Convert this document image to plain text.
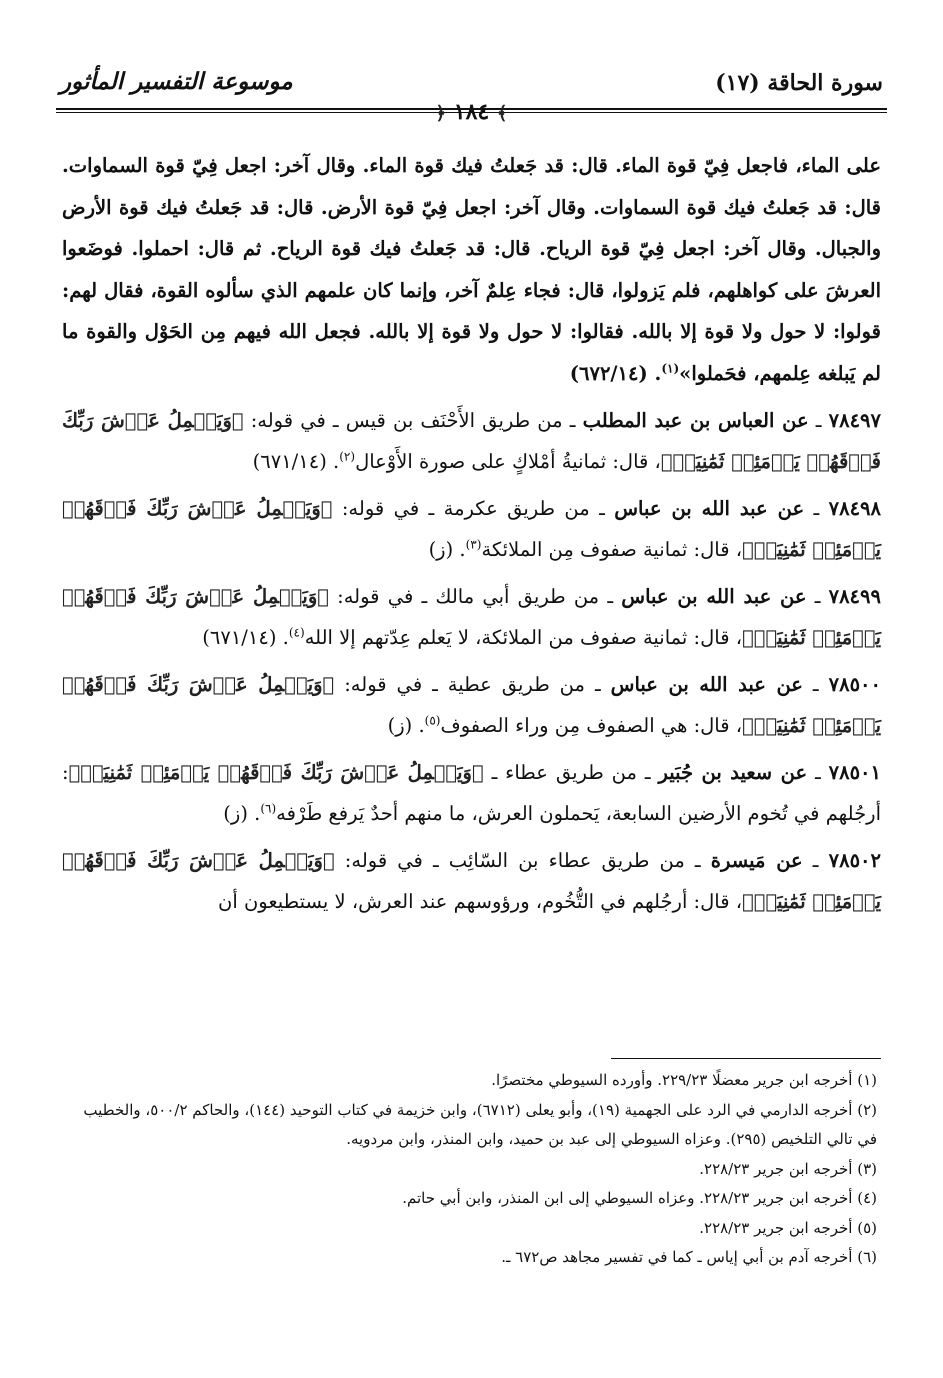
سورة الحاقة (١٧)
موسوعة التفسير المأثور
﴾ ١٨٤ ﴿

على الماء، فاجعل فِيّ قوة الماء. قال: قد جَعلتُ فيك قوة الماء. وقال آخر: اجعل فِيّ قوة السماوات. قال: قد جَعلتُ فيك قوة السماوات. وقال آخر: اجعل فِيّ قوة الأرض. قال: قد جَعلتُ فيك قوة الأرض والجبال. وقال آخر: اجعل فِيّ قوة الرياح. قال: قد جَعلتُ فيك قوة الرياح. ثم قال: احملوا. فوضَعوا العرشَ على كواهلهم، فلم يَزولوا، قال: فجاء عِلمٌ آخر، وإنما كان علمهم الذي سألوه القوة، فقال لهم: قولوا: لا حول ولا قوة إلا بالله. فقالوا: لا حول ولا قوة إلا بالله. فجعل الله فيهم مِن الحَوْل والقوة ما لم يَبلغه عِلمهم، فحَملوا»$^{(١)}$. (٦٧٢/١٤)

٧٨٤٩٧ ـ عن العباس بن عبد المطلب ـ من طريق الأَحْنَف بن قيس ـ في قوله: ﴿وَيَحۡمِلُ عَرۡشَ رَبِّكَ فَوۡقَهُمۡ يَوۡمَئِذٖ ثَمَٰنِيَةٞ﴾، قال: ثمانيةُ أمْلاكٍ على صورة الأَوْعال$^{(٢)}$. (٦٧١/١٤)

٧٨٤٩٨ ـ عن عبد الله بن عباس ـ من طريق عكرمة ـ في قوله: ﴿وَيَحۡمِلُ عَرۡشَ رَبِّكَ فَوۡقَهُمۡ يَوۡمَئِذٖ ثَمَٰنِيَةٞ﴾، قال: ثمانية صفوف مِن الملائكة$^{(٣)}$. (ز)

٧٨٤٩٩ ـ عن عبد الله بن عباس ـ من طريق أبي مالك ـ في قوله: ﴿وَيَحۡمِلُ عَرۡشَ رَبِّكَ فَوۡقَهُمۡ يَوۡمَئِذٖ ثَمَٰنِيَةٞ﴾، قال: ثمانية صفوف من الملائكة، لا يَعلم عِدّتهم إلا الله$^{(٤)}$. (٦٧١/١٤)

٧٨٥٠٠ ـ عن عبد الله بن عباس ـ من طريق عطية ـ في قوله: ﴿وَيَحۡمِلُ عَرۡشَ رَبِّكَ فَوۡقَهُمۡ يَوۡمَئِذٖ ثَمَٰنِيَةٞ﴾، قال: هي الصفوف مِن وراء الصفوف$^{(٥)}$. (ز)

٧٨٥٠١ ـ عن سعيد بن جُبَير ـ من طريق عطاء ـ ﴿وَيَحۡمِلُ عَرۡشَ رَبِّكَ فَوۡقَهُمۡ يَوۡمَئِذٖ ثَمَٰنِيَةٞ﴾: أرجُلهم في تُخوم الأرضين السابعة، يَحملون العرش، ما منهم أحدٌ يَرفع طَرْفه$^{(٦)}$. (ز)

٧٨٥٠٢ ـ عن مَيسرة ـ من طريق عطاء بن السّائِب ـ في قوله: ﴿وَيَحۡمِلُ عَرۡشَ رَبِّكَ فَوۡقَهُمۡ يَوۡمَئِذٖ ثَمَٰنِيَةٞ﴾، قال: أرجُلهم في التُّخُوم، ورؤوسهم عند العرش، لا يستطيعون أن

(١) أخرجه ابن جرير معضلًا ٢٢٩/٢٣. وأورده السيوطي مختصرًا.

(٢) أخرجه الدارمي في الرد على الجهمية (١٩)، وأبو يعلى (٦٧١٢)، وابن خزيمة في كتاب التوحيد (١٤٤)، والحاكم ٥٠٠/٢، والخطيب في تالي التلخيص (٢٩٥). وعزاه السيوطي إلى عبد بن حميد، وابن المنذر، وابن مردويه.

(٣) أخرجه ابن جرير ٢٢٨/٢٣.

(٤) أخرجه ابن جرير ٢٢٨/٢٣. وعزاه السيوطي إلى ابن المنذر، وابن أبي حاتم.

(٥) أخرجه ابن جرير ٢٢٨/٢٣.

(٦) أخرجه آدم بن أبي إياس ـ كما في تفسير مجاهد ص٦٧٢ ـ.
